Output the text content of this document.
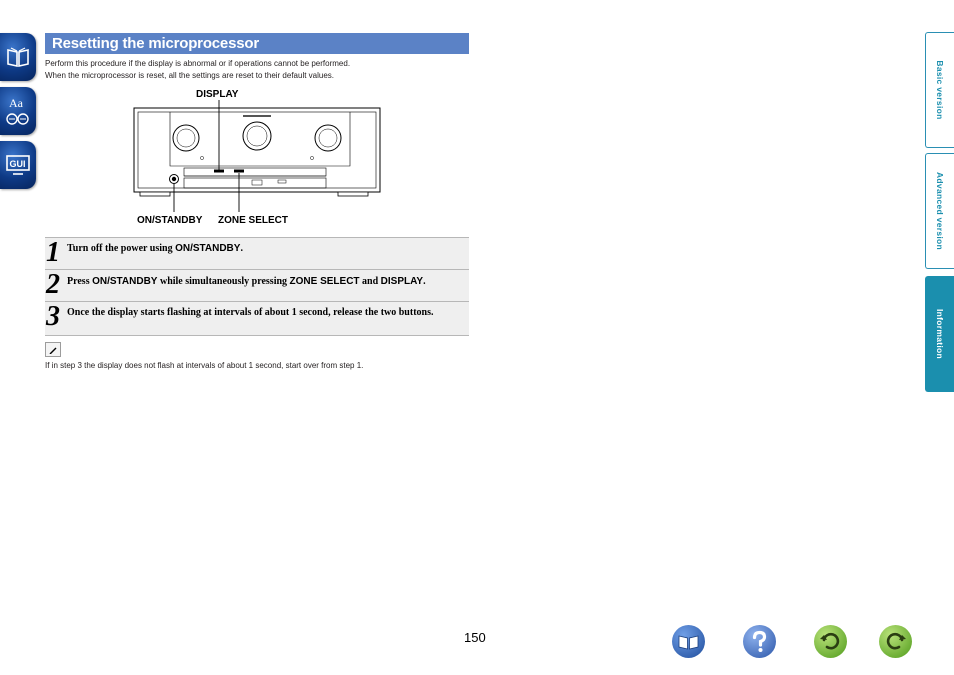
Aa
GUI
Resetting the microprocessor
Perform this procedure if the display is abnormal or if operations cannot be performed.
When the microprocessor is reset, all the settings are reset to their default values.
DISPLAY
ON/STANDBY ZONE SELECT
1 Turn off the power using ON/STANDBY.
2 Press ON/STANDBY while simultaneously pressing ZONE SELECT and DISPLAY.
3 Once the display starts flashing at intervals of about 1 second, release the two buttons.
If in step 3 the display does not flash at intervals of about 1 second, start over from step 1.
150
Basic version
Advanced version
Information
